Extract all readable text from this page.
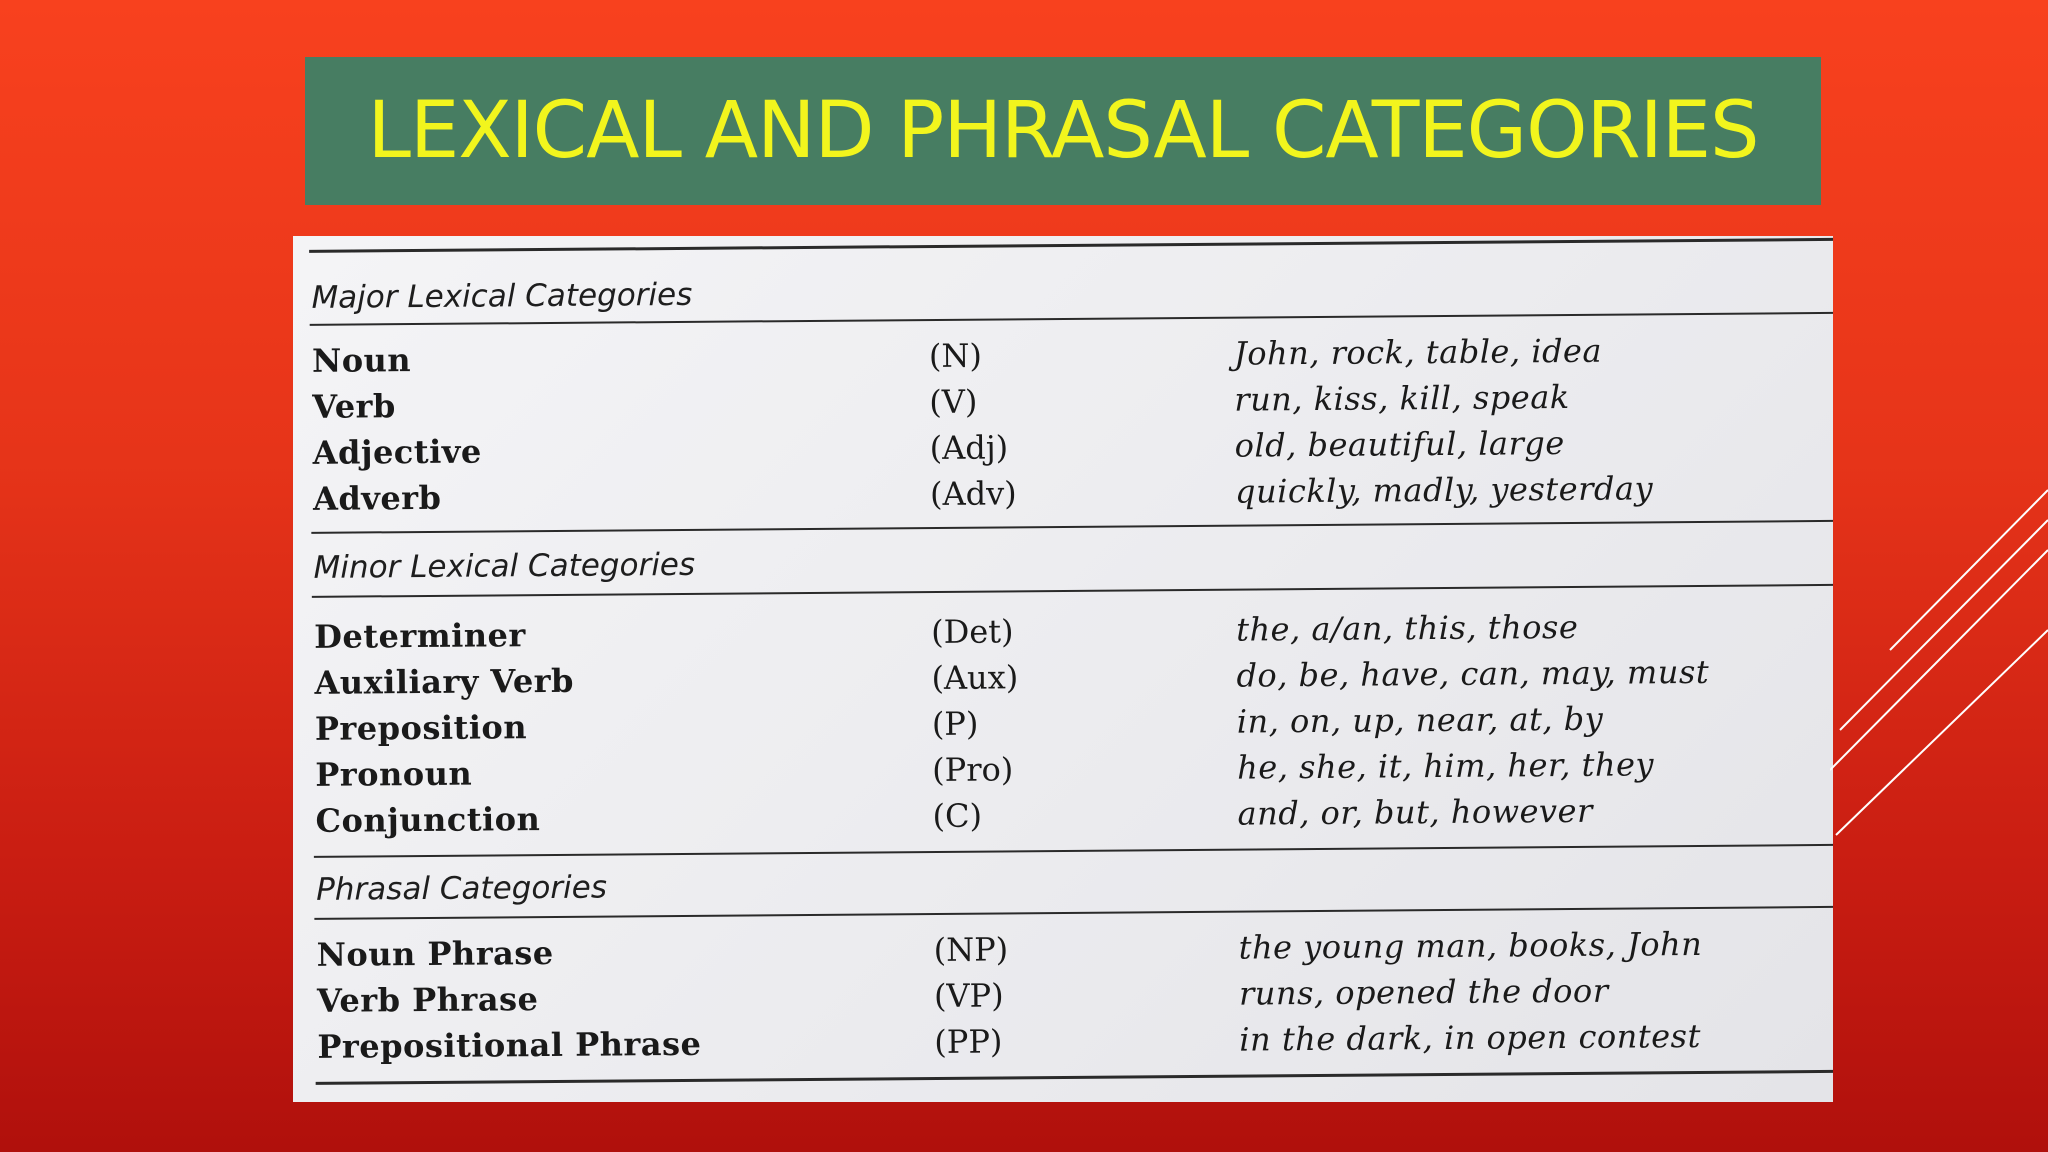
LEXICAL AND PHRASAL CATEGORIES
Major Lexical Categories
Noun	(N)	John, rock, table, idea
Verb	(V)	run, kiss, kill, speak
Adjective	(Adj)	old, beautiful, large
Adverb	(Adv)	quickly, madly, yesterday
Minor Lexical Categories
Determiner	(Det)	the, a/an, this, those
Auxiliary Verb	(Aux)	do, be, have, can, may, must
Preposition	(P)	in, on, up, near, at, by
Pronoun	(Pro)	he, she, it, him, her, they
Conjunction	(C)	and, or, but, however
Phrasal Categories
Noun Phrase	(NP)	the young man, books, John
Verb Phrase	(VP)	runs, opened the door
Prepositional Phrase	(PP)	in the dark, in open contest
